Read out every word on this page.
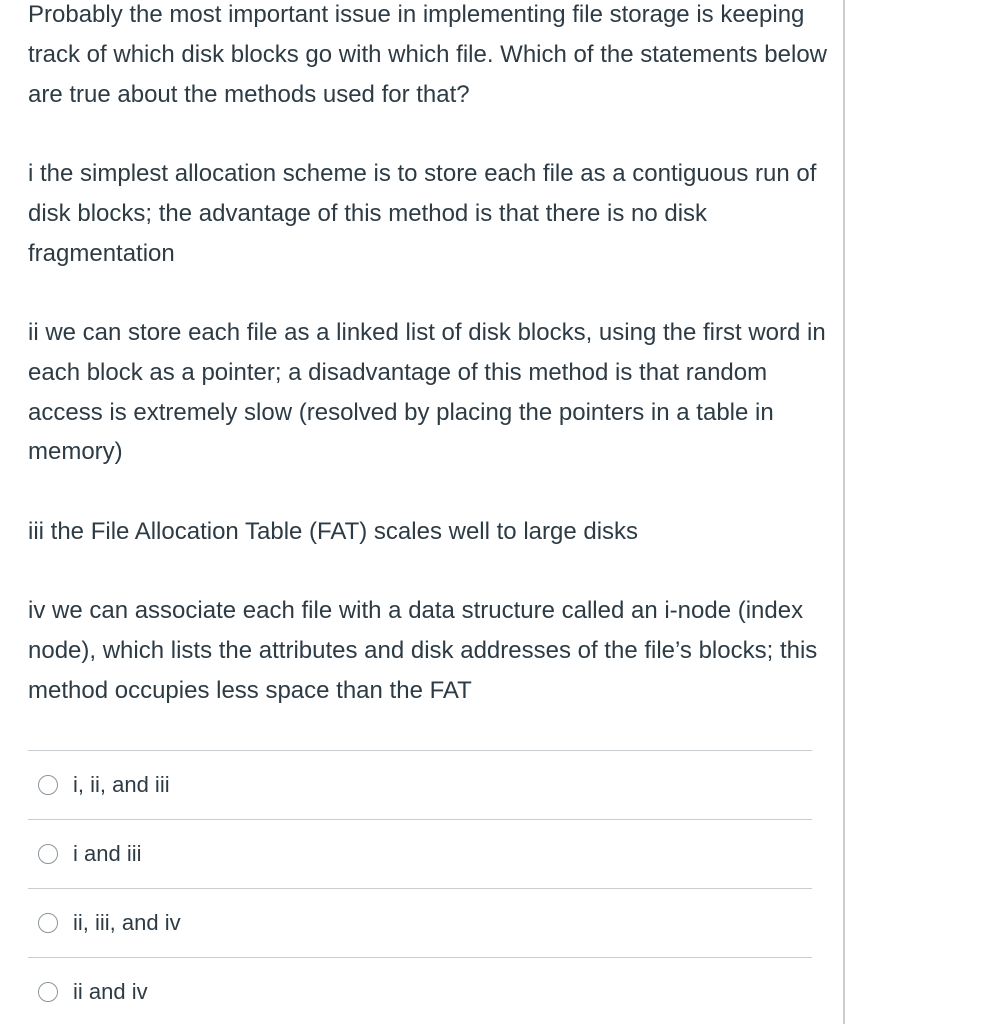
Probably the most important issue in implementing file storage is keeping track of which disk blocks go with which file. Which of the statements below are true about the methods used for that?

i the simplest allocation scheme is to store each file as a contiguous run of disk blocks; the advantage of this method is that there is no disk fragmentation

ii we can store each file as a linked list of disk blocks, using the first word in each block as a pointer; a disadvantage of this method is that random access is extremely slow (resolved by placing the pointers in a table in memory)

iii the File Allocation Table (FAT) scales well to large disks

iv we can associate each file with a data structure called an i-node (index node), which lists the attributes and disk addresses of the file’s blocks; this method occupies less space than the FAT

i, ii, and iii
i and iii
ii, iii, and iv
ii and iv
